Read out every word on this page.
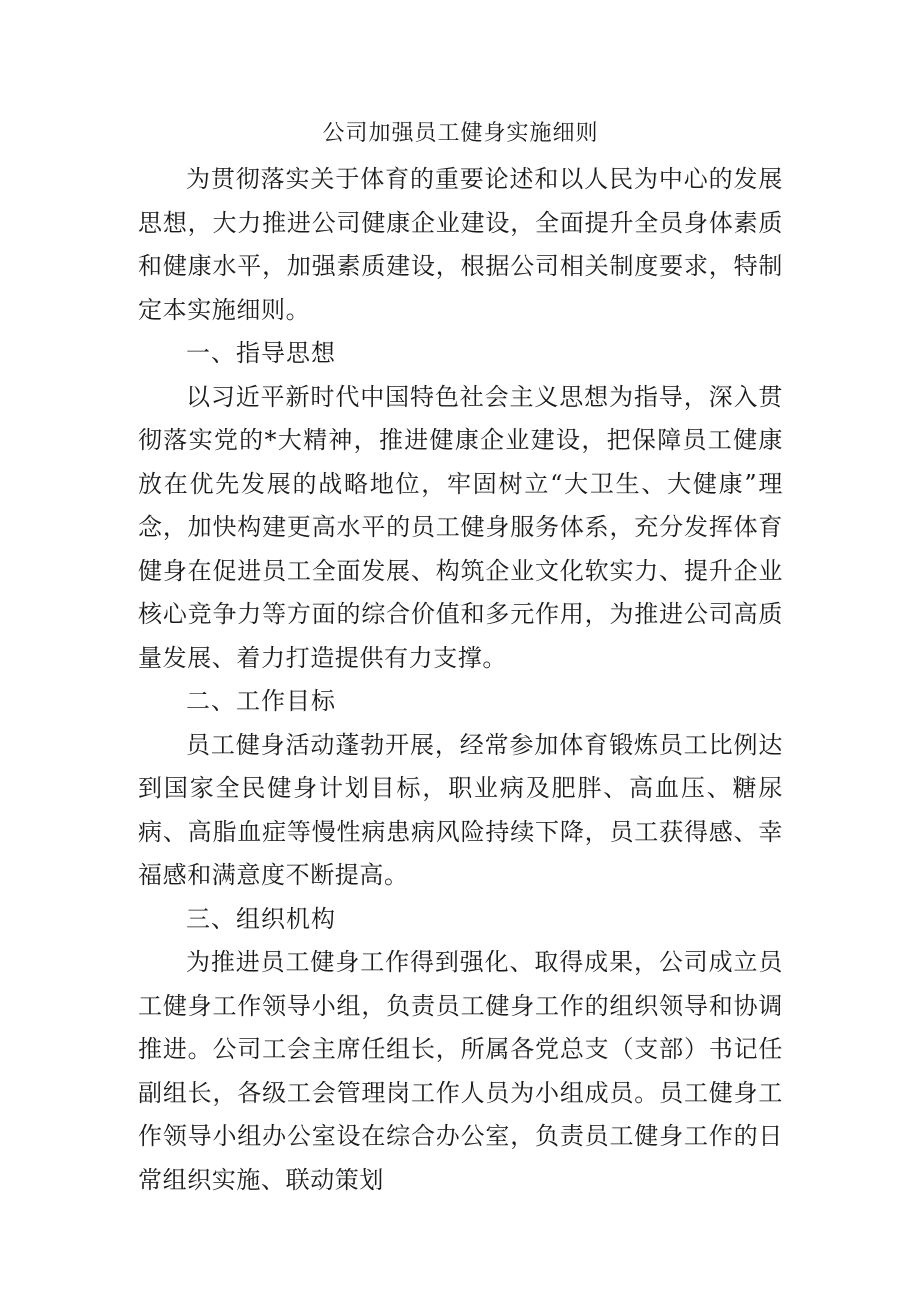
公司加强员工健身实施细则

为贯彻落实关于体育的重要论述和以人民为中心的发展思想，大力推进公司健康企业建设，全面提升全员身体素质和健康水平，加强素质建设，根据公司相关制度要求，特制定本实施细则。

一、指导思想

以习近平新时代中国特色社会主义思想为指导，深入贯彻落实党的*大精神，推进健康企业建设，把保障员工健康放在优先发展的战略地位，牢固树立“大卫生、大健康”理念，加快构建更高水平的员工健身服务体系，充分发挥体育健身在促进员工全面发展、构筑企业文化软实力、提升企业核心竞争力等方面的综合价值和多元作用，为推进公司高质量发展、着力打造提供有力支撑。

二、工作目标

员工健身活动蓬勃开展，经常参加体育锻炼员工比例达到国家全民健身计划目标，职业病及肥胖、高血压、糖尿病、高脂血症等慢性病患病风险持续下降，员工获得感、幸福感和满意度不断提高。

三、组织机构

为推进员工健身工作得到强化、取得成果，公司成立员工健身工作领导小组，负责员工健身工作的组织领导和协调推进。公司工会主席任组长，所属各党总支（支部）书记任副组长，各级工会管理岗工作人员为小组成员。员工健身工作领导小组办公室设在综合办公室，负责员工健身工作的日常组织实施、联动策划
